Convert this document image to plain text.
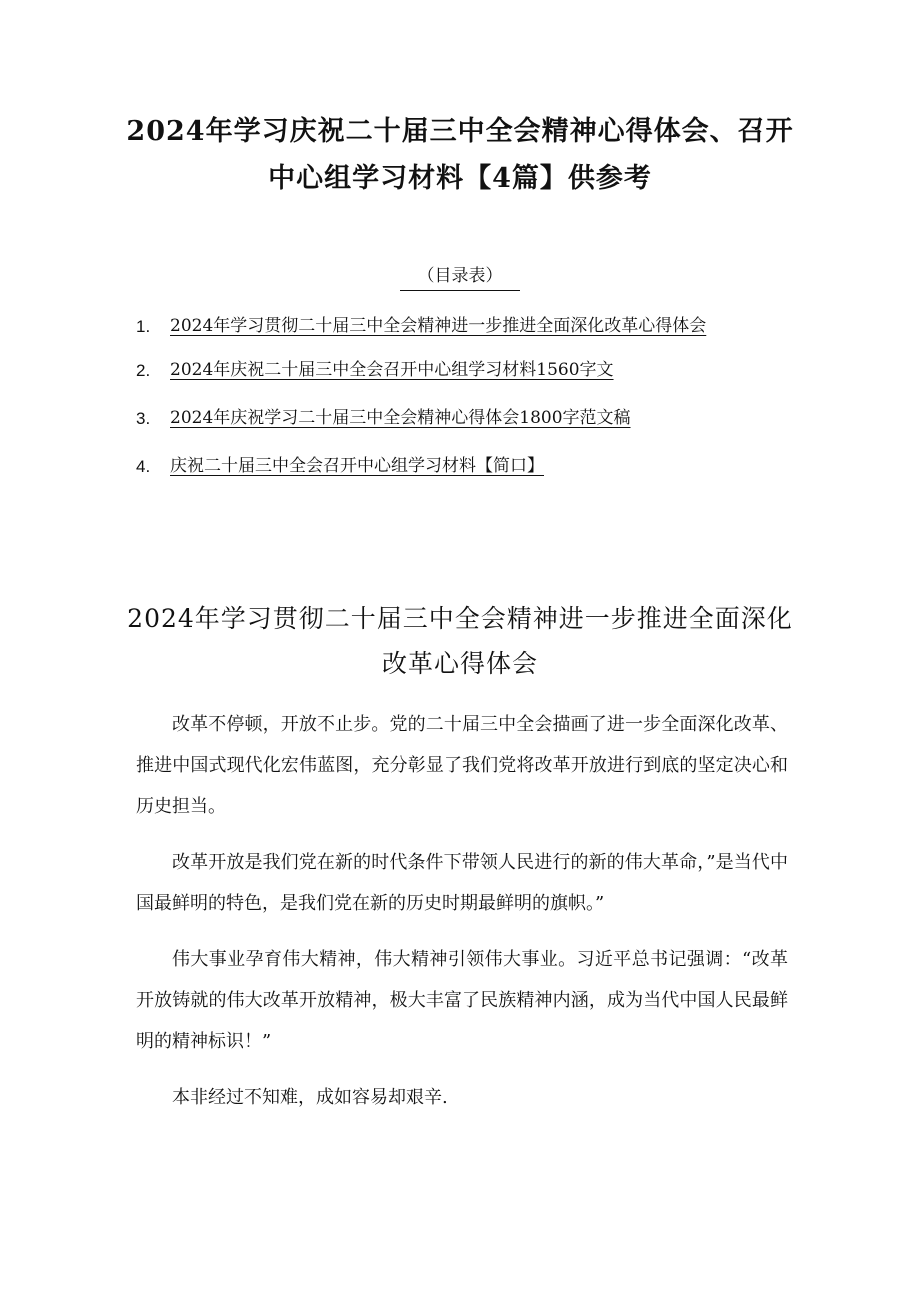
2024年学习庆祝二十届三中全会精神心得体会、召开中心组学习材料【4篇】供参考
（目录表）
1. 2024年学习贯彻二十届三中全会精神进一步推进全面深化改革心得体会
2. 2024年庆祝二十届三中全会召开中心组学习材料1560字文
3. 2024年庆祝学习二十届三中全会精神心得体会1800字范文稿
4. 庆祝二十届三中全会召开中心组学习材料【简口】
2024年学习贯彻二十届三中全会精神进一步推进全面深化改革心得体会

改革不停顿，开放不止步。党的二十届三中全会描画了进一步全面深化改革、推进中国式现代化宏伟蓝图，充分彰显了我们党将改革开放进行到底的坚定决心和历史担当。

改革开放是我们党在新的时代条件下带领人民进行的新的伟大革命，”是当代中国最鲜明的特色，是我们党在新的历史时期最鲜明的旗帜。”

伟大事业孕育伟大精神，伟大精神引领伟大事业。习近平总书记强调：“改革开放铸就的伟大改革开放精神，极大丰富了民族精神内涵，成为当代中国人民最鲜明的精神标识！”

本非经过不知难，成如容易却艰辛.
